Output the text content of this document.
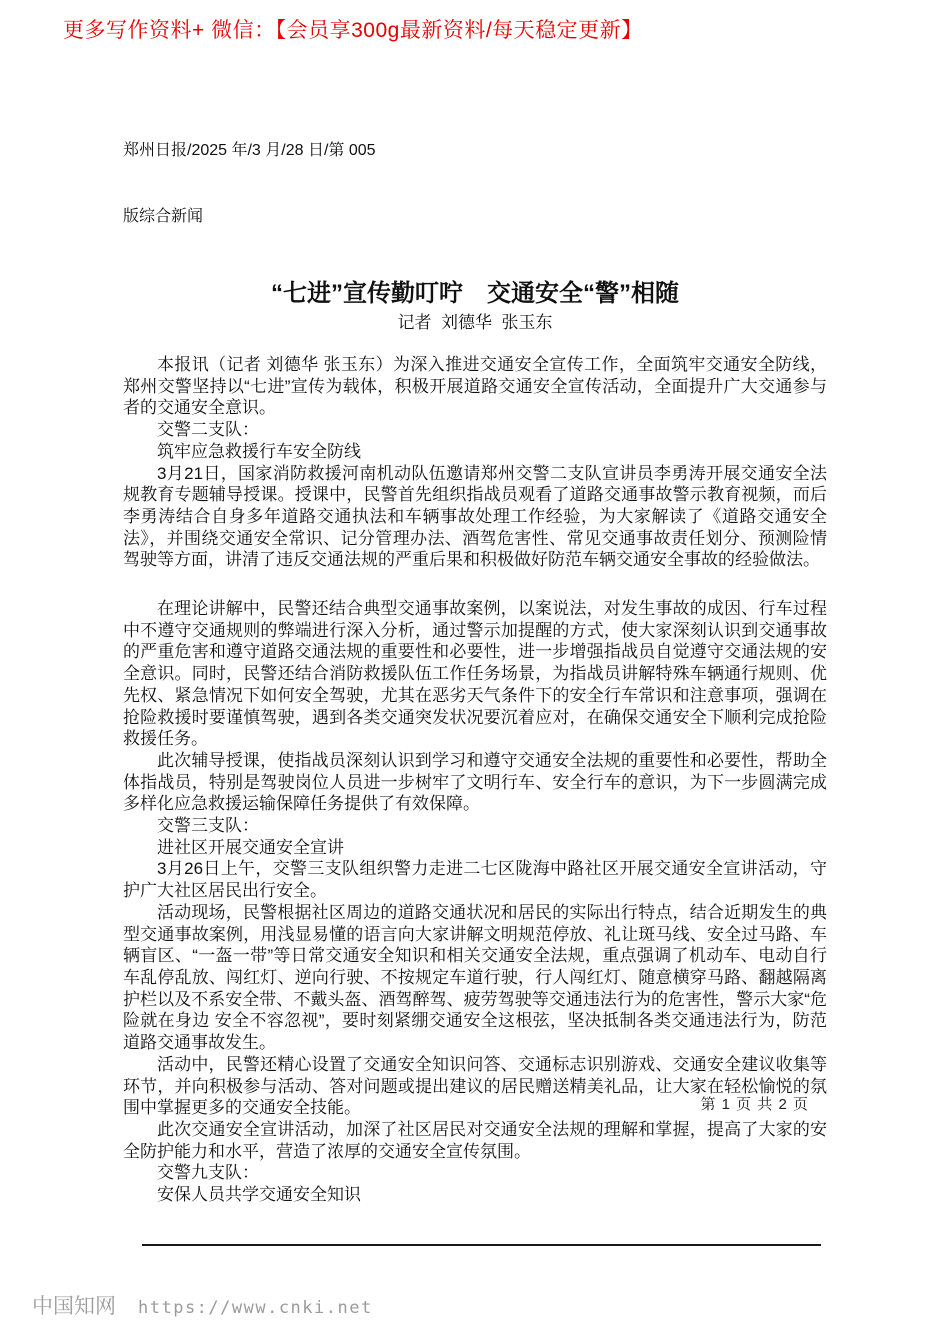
更多写作资料+ 微信：【会员享300g最新资料/每天稳定更新】

郑州日报/2025 年/3 月/28 日/第 005

版综合新闻

“七进”宣传勤叮咛　交通安全“警”相随
记者  刘德华  张玉东

本报讯（记者 刘德华 张玉东）为深入推进交通安全宣传工作，全面筑牢交通安全防线，郑州交警坚持以“七进”宣传为载体，积极开展道路交通安全宣传活动，全面提升广大交通参与者的交通安全意识。

交警二支队：

筑牢应急救援行车安全防线

3月21日，国家消防救援河南机动队伍邀请郑州交警二支队宣讲员李勇涛开展交通安全法规教育专题辅导授课。授课中，民警首先组织指战员观看了道路交通事故警示教育视频，而后李勇涛结合自身多年道路交通执法和车辆事故处理工作经验，为大家解读了《道路交通安全法》，并围绕交通安全常识、记分管理办法、酒驾危害性、常见交通事故责任划分、预测险情驾驶等方面，讲清了违反交通法规的严重后果和积极做好防范车辆交通安全事故的经验做法。

在理论讲解中，民警还结合典型交通事故案例，以案说法，对发生事故的成因、行车过程中不遵守交通规则的弊端进行深入分析，通过警示加提醒的方式，使大家深刻认识到交通事故的严重危害和遵守道路交通法规的重要性和必要性，进一步增强指战员自觉遵守交通法规的安全意识。同时，民警还结合消防救援队伍工作任务场景，为指战员讲解特殊车辆通行规则、优先权、紧急情况下如何安全驾驶，尤其在恶劣天气条件下的安全行车常识和注意事项，强调在抢险救援时要谨慎驾驶，遇到各类交通突发状况要沉着应对，在确保交通安全下顺利完成抢险救援任务。

此次辅导授课，使指战员深刻认识到学习和遵守交通安全法规的重要性和必要性，帮助全体指战员，特别是驾驶岗位人员进一步树牢了文明行车、安全行车的意识，为下一步圆满完成多样化应急救援运输保障任务提供了有效保障。

交警三支队：

进社区开展交通安全宣讲

3月26日上午，交警三支队组织警力走进二七区陇海中路社区开展交通安全宣讲活动，守护广大社区居民出行安全。

活动现场，民警根据社区周边的道路交通状况和居民的实际出行特点，结合近期发生的典型交通事故案例，用浅显易懂的语言向大家讲解文明规范停放、礼让斑马线、安全过马路、车辆盲区、“一盔一带”等日常交通安全知识和相关交通安全法规，重点强调了机动车、电动自行车乱停乱放、闯红灯、逆向行驶、不按规定车道行驶，行人闯红灯、随意横穿马路、翻越隔离护栏以及不系安全带、不戴头盔、酒驾醉驾、疲劳驾驶等交通违法行为的危害性，警示大家“危险就在身边 安全不容忽视”，要时刻紧绷交通安全这根弦，坚决抵制各类交通违法行为，防范道路交通事故发生。

活动中，民警还精心设置了交通安全知识问答、交通标志识别游戏、交通安全建议收集等环节，并向积极参与活动、答对问题或提出建议的居民赠送精美礼品，让大家在轻松愉悦的氛围中掌握更多的交通安全技能。

此次交通安全宣讲活动，加深了社区居民对交通安全法规的理解和掌握，提高了大家的安全防护能力和水平，营造了浓厚的交通安全宣传氛围。

交警九支队：

安保人员共学交通安全知识

第 1 页 共 2 页
中国知网 https://www.cnki.net
